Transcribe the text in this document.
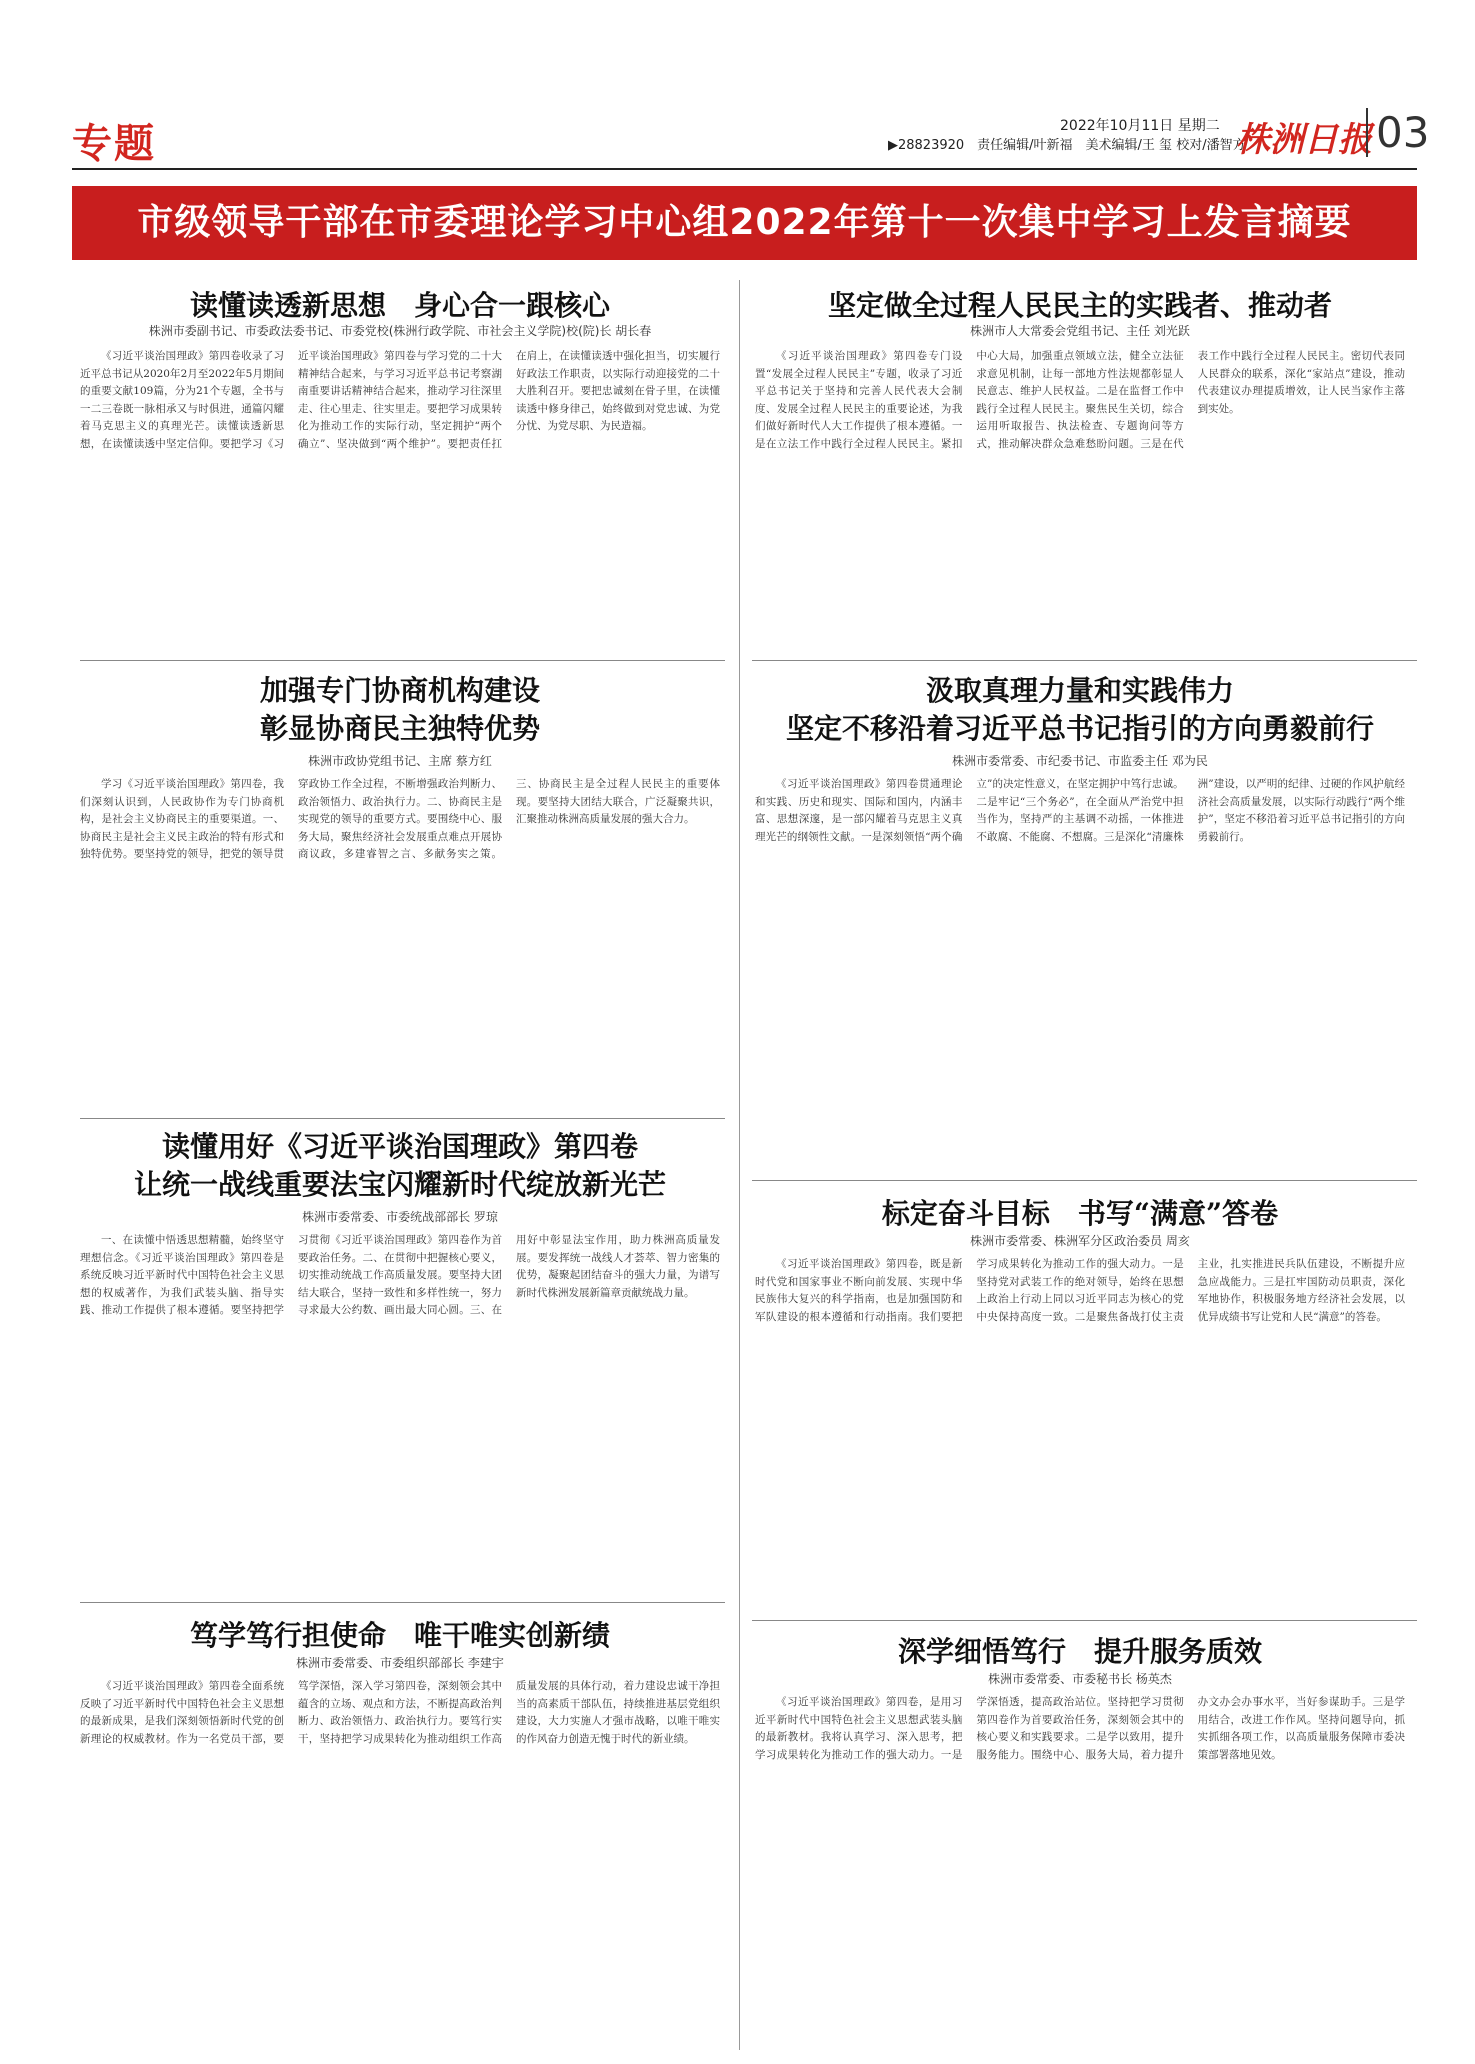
专题	2022年10月11日 星期二
▶28823920　责任编辑/叶新福　美术编辑/王 玺 校对/潘智方
株洲日报 03
市级领导干部在市委理论学习中心组2022年第十一次集中学习上发言摘要
读懂读透新思想　身心合一跟核心
株洲市委副书记、市委政法委书记、市委党校(株洲行政学院、市社会主义学院)校(院)长 胡长春

《习近平谈治国理政》第四卷收录了习近平总书记从2020年2月至2022年5月期间的重要文献109篇，分为21个专题，全书与一二三卷既一脉相承又与时俱进，通篇闪耀着马克思主义的真理光芒。读懂读透新思想，在读懂读透中坚定信仰。要把学习《习近平谈治国理政》第四卷与学习党的二十大精神结合起来，与学习习近平总书记考察湖南重要讲话精神结合起来，推动学习往深里走、往心里走、往实里走。要把学习成果转化为推动工作的实际行动，坚定拥护“两个确立”、坚决做到“两个维护”。要把责任扛在肩上，在读懂读透中强化担当，切实履行好政法工作职责，以实际行动迎接党的二十大胜利召开。要把忠诚刻在骨子里，在读懂读透中修身律己，始终做到对党忠诚、为党分忧、为党尽职、为民造福。

坚定做全过程人民民主的实践者、推动者
株洲市人大常委会党组书记、主任 刘光跃

《习近平谈治国理政》第四卷专门设置“发展全过程人民民主”专题，收录了习近平总书记关于坚持和完善人民代表大会制度、发展全过程人民民主的重要论述，为我们做好新时代人大工作提供了根本遵循。一是在立法工作中践行全过程人民民主。紧扣中心大局，加强重点领域立法，健全立法征求意见机制，让每一部地方性法规都彰显人民意志、维护人民权益。二是在监督工作中践行全过程人民民主。聚焦民生关切，综合运用听取报告、执法检查、专题询问等方式，推动解决群众急难愁盼问题。三是在代表工作中践行全过程人民民主。密切代表同人民群众的联系，深化“家站点”建设，推动代表建议办理提质增效，让人民当家作主落到实处。

加强专门协商机构建设
彰显协商民主独特优势
株洲市政协党组书记、主席 蔡方红

学习《习近平谈治国理政》第四卷，我们深刻认识到，人民政协作为专门协商机构，是社会主义协商民主的重要渠道。一、协商民主是社会主义民主政治的特有形式和独特优势。要坚持党的领导，把党的领导贯穿政协工作全过程，不断增强政治判断力、政治领悟力、政治执行力。二、协商民主是实现党的领导的重要方式。要围绕中心、服务大局，聚焦经济社会发展重点难点开展协商议政，多建睿智之言、多献务实之策。三、协商民主是全过程人民民主的重要体现。要坚持大团结大联合，广泛凝聚共识，汇聚推动株洲高质量发展的强大合力。

汲取真理力量和实践伟力
坚定不移沿着习近平总书记指引的方向勇毅前行
株洲市委常委、市纪委书记、市监委主任 邓为民

《习近平谈治国理政》第四卷贯通理论和实践、历史和现实、国际和国内，内涵丰富、思想深邃，是一部闪耀着马克思主义真理光芒的纲领性文献。一是深刻领悟“两个确立”的决定性意义，在坚定拥护中笃行忠诚。二是牢记“三个务必”，在全面从严治党中担当作为，坚持严的主基调不动摇，一体推进不敢腐、不能腐、不想腐。三是深化“清廉株洲”建设，以严明的纪律、过硬的作风护航经济社会高质量发展，以实际行动践行“两个维护”，坚定不移沿着习近平总书记指引的方向勇毅前行。

读懂用好《习近平谈治国理政》第四卷
让统一战线重要法宝闪耀新时代绽放新光芒
株洲市委常委、市委统战部部长 罗琼

一、在读懂中悟透思想精髓，始终坚守理想信念。《习近平谈治国理政》第四卷是系统反映习近平新时代中国特色社会主义思想的权威著作，为我们武装头脑、指导实践、推动工作提供了根本遵循。要坚持把学习贯彻《习近平谈治国理政》第四卷作为首要政治任务。二、在贯彻中把握核心要义，切实推动统战工作高质量发展。要坚持大团结大联合，坚持一致性和多样性统一，努力寻求最大公约数、画出最大同心圆。三、在用好中彰显法宝作用，助力株洲高质量发展。要发挥统一战线人才荟萃、智力密集的优势，凝聚起团结奋斗的强大力量，为谱写新时代株洲发展新篇章贡献统战力量。

标定奋斗目标　书写“满意”答卷
株洲市委常委、株洲军分区政治委员 周亥

《习近平谈治国理政》第四卷，既是新时代党和国家事业不断向前发展、实现中华民族伟大复兴的科学指南，也是加强国防和军队建设的根本遵循和行动指南。我们要把学习成果转化为推动工作的强大动力。一是坚持党对武装工作的绝对领导，始终在思想上政治上行动上同以习近平同志为核心的党中央保持高度一致。二是聚焦备战打仗主责主业，扎实推进民兵队伍建设，不断提升应急应战能力。三是扛牢国防动员职责，深化军地协作，积极服务地方经济社会发展，以优异成绩书写让党和人民“满意”的答卷。

笃学笃行担使命　唯干唯实创新绩
株洲市委常委、市委组织部部长 李建宇

《习近平谈治国理政》第四卷全面系统反映了习近平新时代中国特色社会主义思想的最新成果，是我们深刻领悟新时代党的创新理论的权威教材。作为一名党员干部，要笃学深悟，深入学习第四卷，深刻领会其中蕴含的立场、观点和方法，不断提高政治判断力、政治领悟力、政治执行力。要笃行实干，坚持把学习成果转化为推动组织工作高质量发展的具体行动，着力建设忠诚干净担当的高素质干部队伍，持续推进基层党组织建设，大力实施人才强市战略，以唯干唯实的作风奋力创造无愧于时代的新业绩。

深学细悟笃行　提升服务质效
株洲市委常委、市委秘书长 杨英杰

《习近平谈治国理政》第四卷，是用习近平新时代中国特色社会主义思想武装头脑的最新教材。我将认真学习、深入思考，把学习成果转化为推动工作的强大动力。一是学深悟透，提高政治站位。坚持把学习贯彻第四卷作为首要政治任务，深刻领会其中的核心要义和实践要求。二是学以致用，提升服务能力。围绕中心、服务大局，着力提升办文办会办事水平，当好参谋助手。三是学用结合，改进工作作风。坚持问题导向，抓实抓细各项工作，以高质量服务保障市委决策部署落地见效。
